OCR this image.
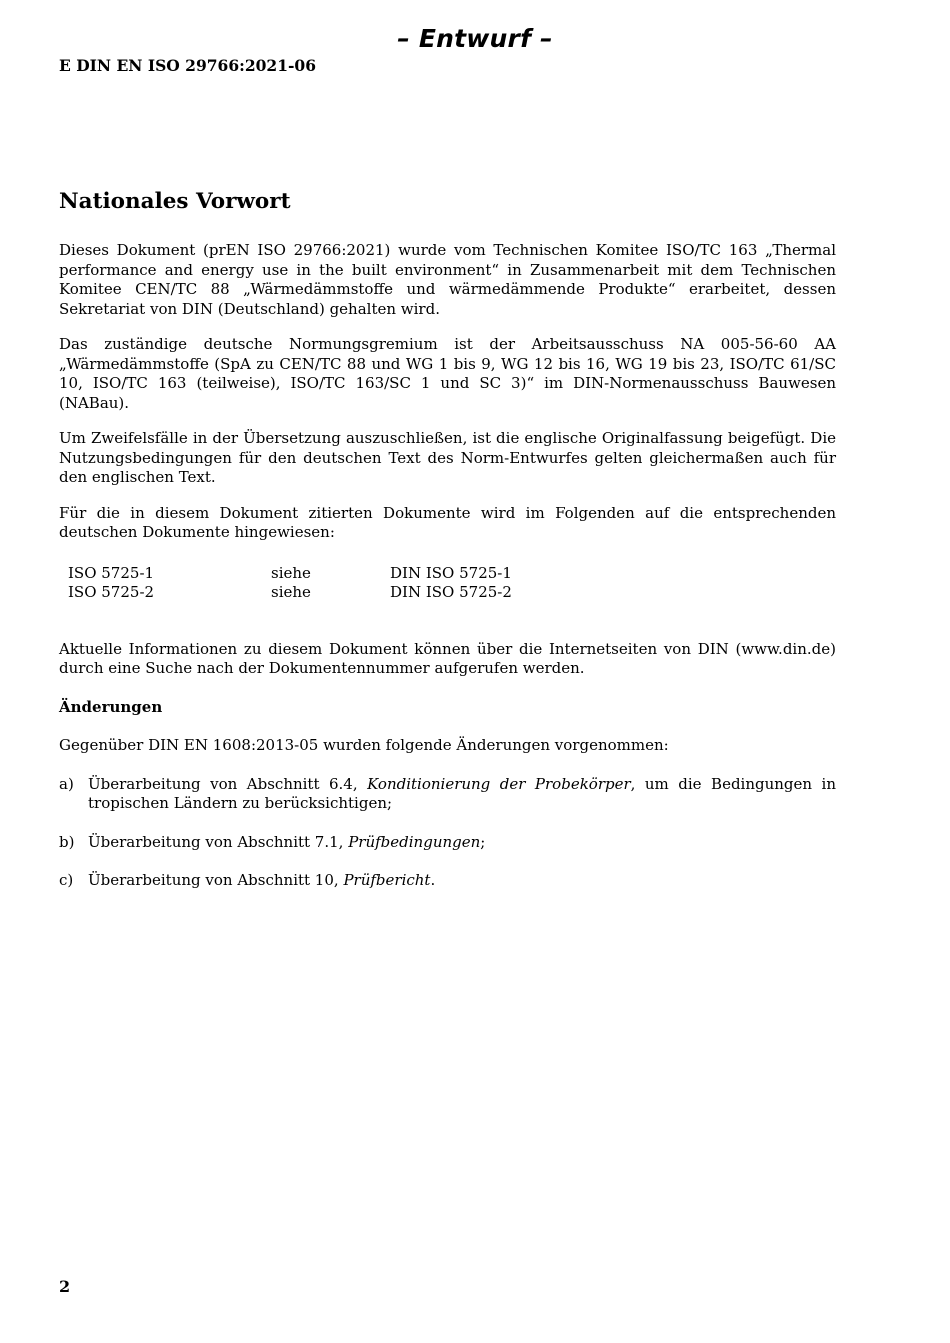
– Entwurf –
E DIN EN ISO 29766:2021-06
Nationales Vorwort

Dieses Dokument (prEN ISO 29766:2021) wurde vom Technischen Komitee ISO/TC 163 „Thermal performance and energy use in the built environment“ in Zusammenarbeit mit dem Technischen Komitee CEN/TC 88 „Wärmedämmstoffe und wärmedämmende Produkte“ erarbeitet, dessen Sekretariat von DIN (Deutschland) gehalten wird.

Das zuständige deutsche Normungsgremium ist der Arbeitsausschuss NA 005-56-60 AA „Wärmedämmstoffe (SpA zu CEN/TC 88 und WG 1 bis 9, WG 12 bis 16, WG 19 bis 23, ISO/TC 61/SC 10, ISO/TC 163 (teilweise), ISO/TC 163/SC 1 und SC 3)“ im DIN-Normenausschuss Bauwesen (NABau).

Um Zweifelsfälle in der Übersetzung auszuschließen, ist die englische Originalfassung beigefügt. Die Nutzungsbedingungen für den deutschen Text des Norm-Entwurfes gelten gleichermaßen auch für den englischen Text.

Für die in diesem Dokument zitierten Dokumente wird im Folgenden auf die entsprechenden deutschen Dokumente hingewiesen:

ISO 5725-1	siehe	DIN ISO 5725-1
ISO 5725-2	siehe	DIN ISO 5725-2

Aktuelle Informationen zu diesem Dokument können über die Internetseiten von DIN (www.din.de) durch eine Suche nach der Dokumentennummer aufgerufen werden.

Änderungen
Gegenüber DIN EN 1608:2013-05 wurden folgende Änderungen vorgenommen:
a) Überarbeitung von Abschnitt 6.4, Konditionierung der Probekörper, um die Bedingungen in tropischen Ländern zu berücksichtigen;
b) Überarbeitung von Abschnitt 7.1, Prüfbedingungen;
c) Überarbeitung von Abschnitt 10, Prüfbericht.
2
